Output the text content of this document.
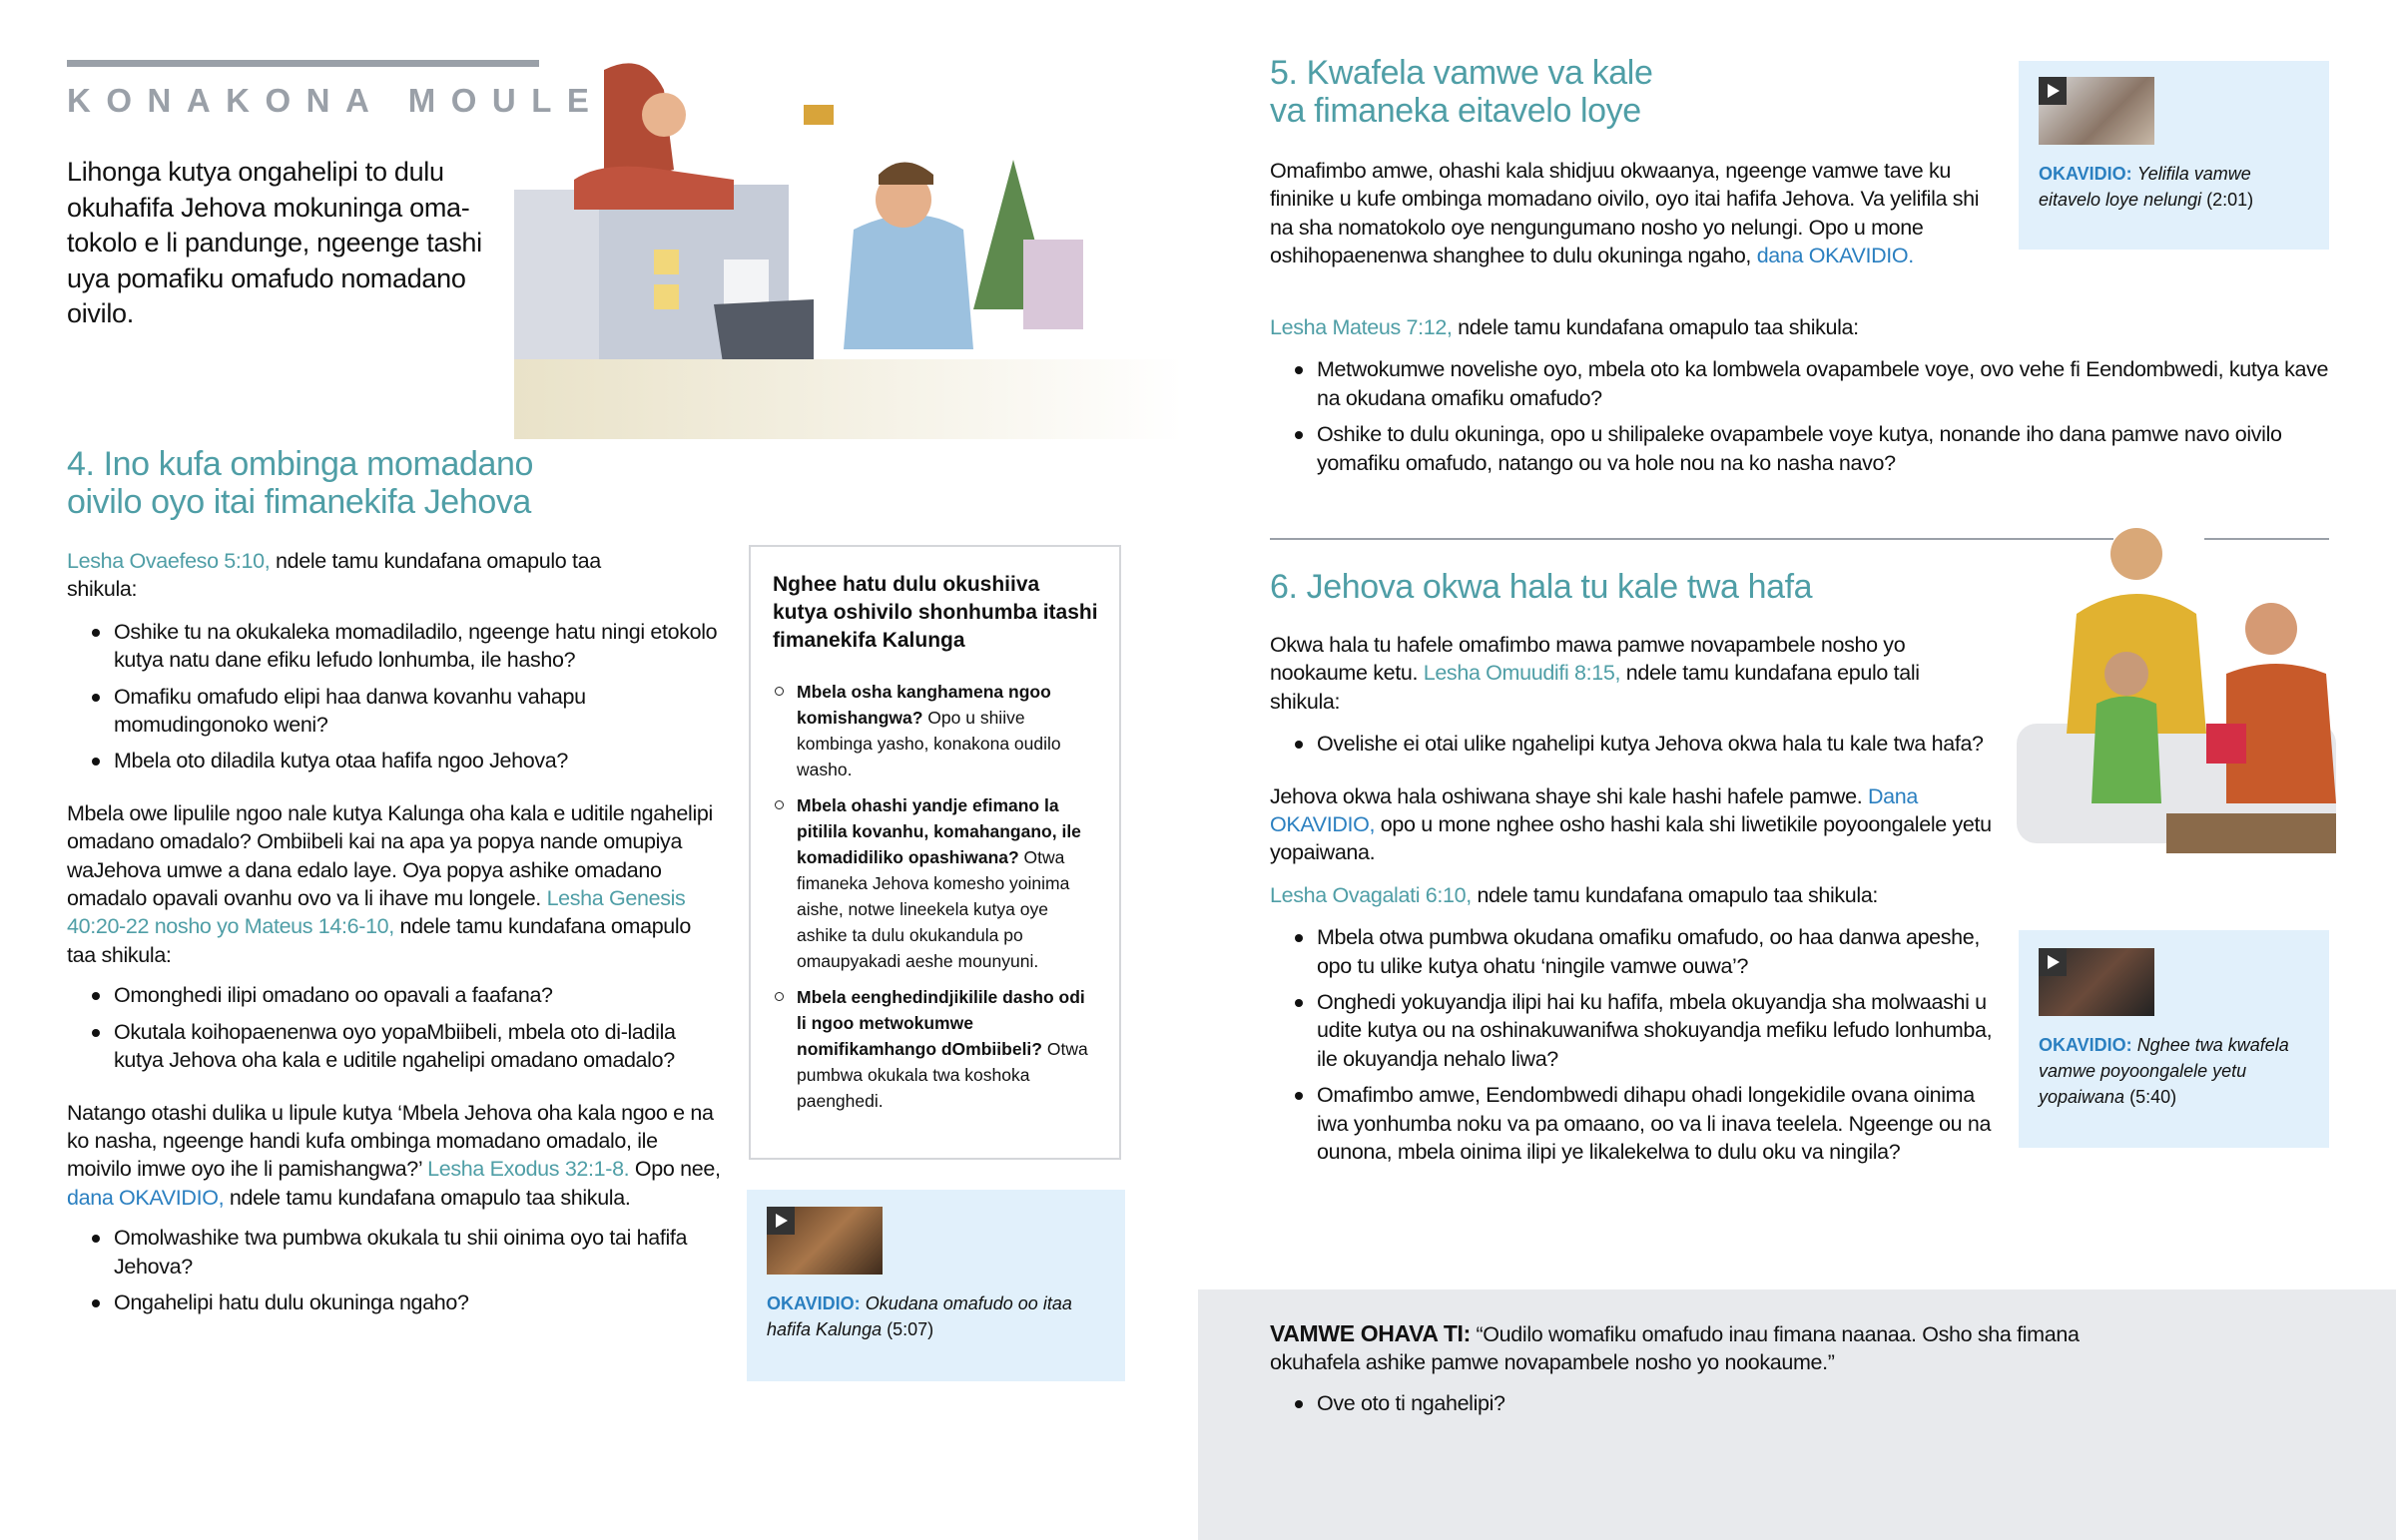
KONAKONA MOULE

Lihonga kutya ongahelipi to dulu okuhafifa Jehova mokuninga oma-tokolo e li pandunge, ngeenge tashi uya pomafiku omafudo nomadano oivilo.

4. Ino kufa ombinga momadano
oivilo oyo itai fimanekifa Jehova

Lesha Ovaefeso 5:10, ndele tamu kundafana omapulo taa shikula:

Oshike tu na okukaleka momadiladilo, ngeenge hatu ningi etokolo kutya natu dane efiku lefudo lonhumba, ile hasho?
Omafiku omafudo elipi haa danwa kovanhu vahapu momudingonoko weni?
Mbela oto diladila kutya otaa hafifa ngoo Jehova?

Mbela owe lipulile ngoo nale kutya Kalunga oha kala e uditile ngahelipi omadano omadalo? Ombiibeli kai na apa ya popya nande omupiya waJehova umwe a dana edalo laye. Oya popya ashike omadano omadalo opavali ovanhu ovo va li ihave mu longele. Lesha Genesis 40:20-22 nosho yo Mateus 14:6-10, ndele tamu kundafana omapulo taa shikula:

Omonghedi ilipi omadano oo opavali a faafana?
Okutala koihopaenenwa oyo yopaMbiibeli, mbela oto di-ladila kutya Jehova oha kala e uditile ngahelipi omadano omadalo?

Natango otashi dulika u lipule kutya ‘Mbela Jehova oha kala ngoo e na ko nasha, ngeenge handi kufa ombinga momadano omadalo, ile moivilo imwe oyo ihe li pamishangwa?’ Lesha Exodus 32:1-8. Opo nee, dana OKAVIDIO, ndele tamu kundafana omapulo taa shikula.

Omolwashike twa pumbwa okukala tu shii oinima oyo tai hafifa Jehova?
Ongahelipi hatu dulu okuninga ngaho?
Nghee hatu dulu okushiiva kutya oshivilo shonhumba itashi fimanekifa Kalunga
Mbela osha kanghamena ngoo komishangwa? Opo u shiive kombinga yasho, konakona oudilo washo.
Mbela ohashi yandje efimano la pitilila kovanhu, komahangano, ile komadidiliko opashiwana? Otwa fimaneka Jehova komesho yoinima aishe, notwe lineekela kutya oye ashike ta dulu okukandula po omaupyakadi aeshe mounyuni.
Mbela eenghedindjikilile dasho odi li ngoo metwokumwe nomifikamhango dOmbiibeli? Otwa pumbwa okukala twa koshoka paenghedi.
OKAVIDIO: Okudana omafudo oo itaa hafifa Kalunga (5:07)
5. Kwafela vamwe va kale
va fimaneka eitavelo loye

Omafimbo amwe, ohashi kala shidjuu okwaanya, ngeenge vamwe tave ku fininike u kufe ombinga momadano oivilo, oyo itai hafifa Jehova. Va yelifila shi na sha nomatokolo oye nengungumano nosho yo nelungi. Opo u mone oshihopaenenwa shanghee to dulu okuninga ngaho, dana OKAVIDIO.

OKAVIDIO: Yelifila vamwe eitavelo loye nelungi (2:01)

Lesha Mateus 7:12, ndele tamu kundafana omapulo taa shikula:

Metwokumwe novelishe oyo, mbela oto ka lombwela ovapambele voye, ovo vehe fi Eendombwedi, kutya kave na okudana omafiku omafudo?
Oshike to dulu okuninga, opo u shilipaleke ovapambele voye kutya, nonande iho dana pamwe navo oivilo yomafiku omafudo, natango ou va hole nou na ko nasha navo?
6. Jehova okwa hala tu kale twa hafa

Okwa hala tu hafele omafimbo mawa pamwe novapambele nosho yo nookaume ketu. Lesha Omuudifi 8:15, ndele tamu kundafana epulo tali shikula:

Ovelishe ei otai ulike ngahelipi kutya Jehova okwa hala tu kale twa hafa?

Jehova okwa hala oshiwana shaye shi kale hashi hafele pamwe. Dana OKAVIDIO, opo u mone nghee osho hashi kala shi liwetikile poyoongalele yetu yopaiwana.

Lesha Ovagalati 6:10, ndele tamu kundafana omapulo taa shikula:

Mbela otwa pumbwa okudana omafiku omafudo, oo haa danwa apeshe, opo tu ulike kutya ohatu ‘ningile vamwe ouwa’?
Onghedi yokuyandja ilipi hai ku hafifa, mbela okuyandja sha molwaashi u udite kutya ou na oshinakuwanifwa shokuyandja mefiku lefudo lonhumba, ile okuyandja nehalo liwa?
Omafimbo amwe, Eendombwedi dihapu ohadi longekidile ovana oinima iwa yonhumba noku va pa omaano, oo va li inava teelela. Ngeenge ou na ounona, mbela oinima ilipi ye likalekelwa to dulu oku va ningila?
OKAVIDIO: Nghee twa kwafela vamwe poyoongalele yetu yopaiwana (5:40)

VAMWE OHAVA TI: “Oudilo womafiku omafudo inau fimana naanaa. Osho sha fimana okuhafela ashike pamwe novapambele nosho yo nookaume.”

Ove oto ti ngahelipi?
